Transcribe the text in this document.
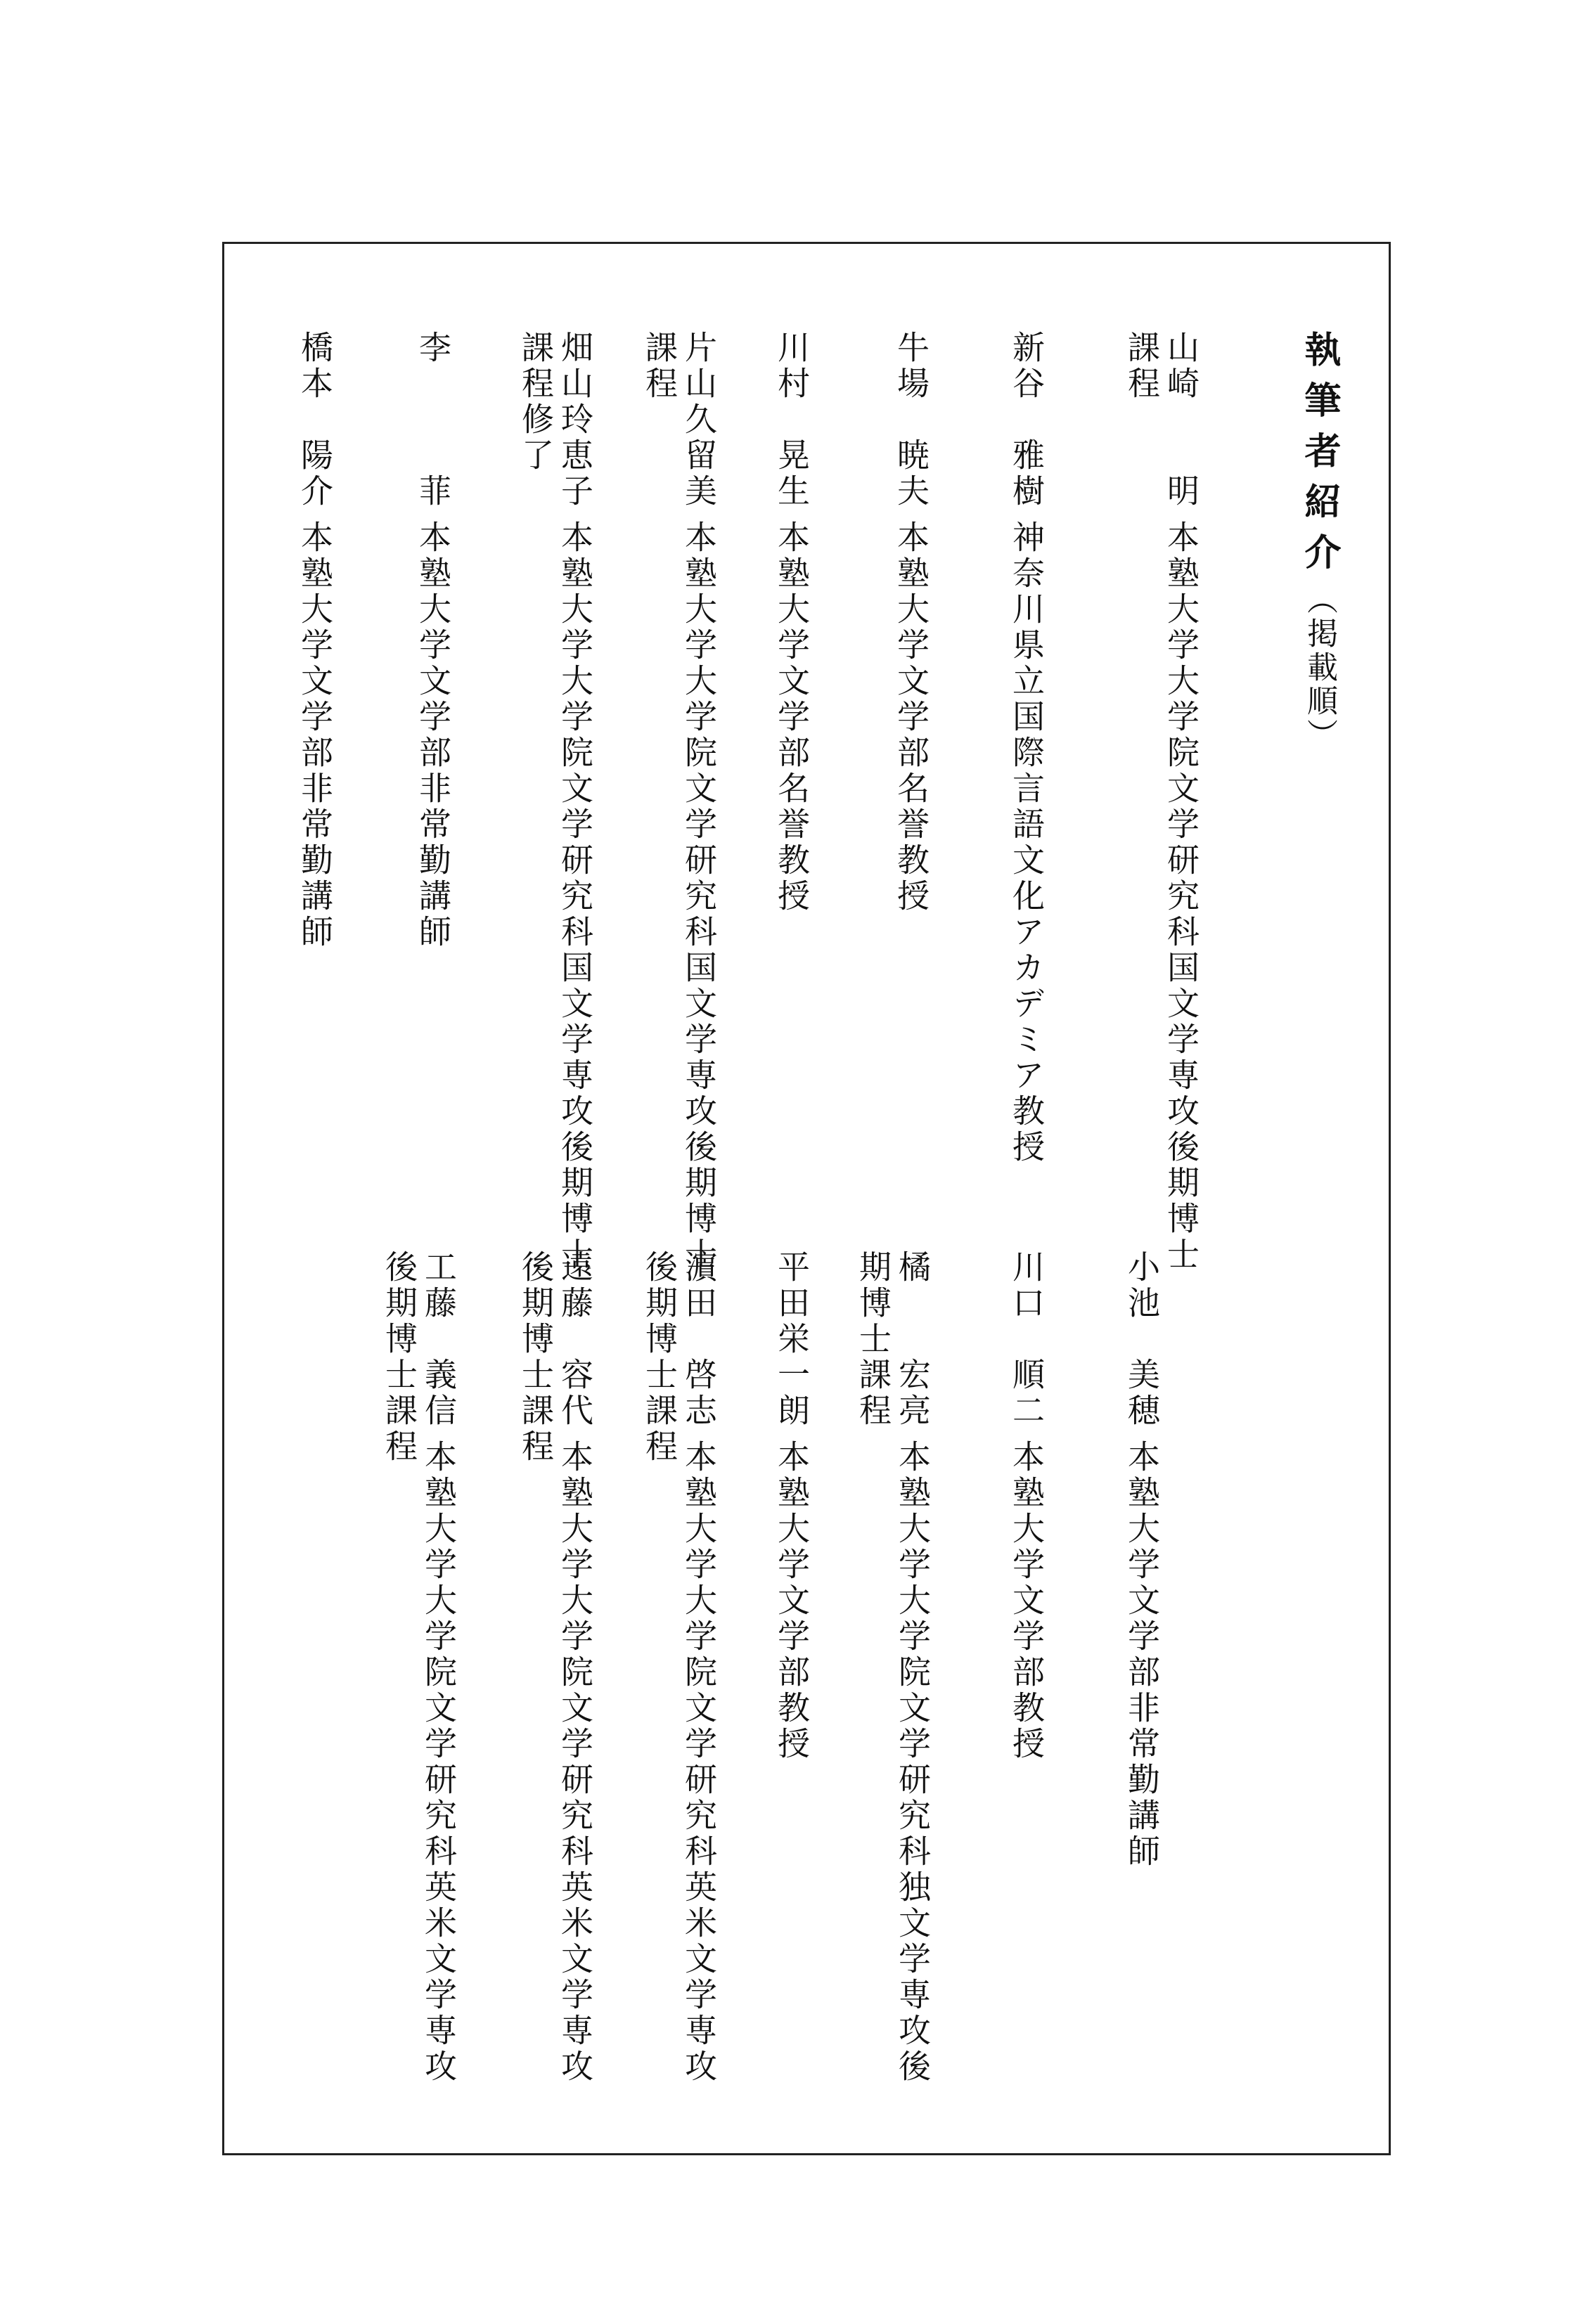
執筆者紹介（掲載順）
山崎　　明本塾大学大学院文学研究科国文学専攻後期博士課程
新谷　雅樹神奈川県立国際言語文化アカデミア教授
牛場　暁夫本塾大学文学部名誉教授
川村　晃生本塾大学文学部名誉教授
片山久留美本塾大学大学院文学研究科国文学専攻後期博士課程
畑山玲恵子本塾大学大学院文学研究科国文学専攻後期博士課程修了
李　　　菲本塾大学文学部非常勤講師
橋本　陽介本塾大学文学部非常勤講師
小池　美穂本塾大学文学部非常勤講師
川口　順二本塾大学文学部教授
橘　　宏亮本塾大学大学院文学研究科独文学専攻後期博士課程
平田栄一朗本塾大学文学部教授
濵田　啓志本塾大学大学院文学研究科英米文学専攻後期博士課程
遠藤　容代本塾大学大学院文学研究科英米文学専攻後期博士課程
工藤　義信本塾大学大学院文学研究科英米文学専攻後期博士課程
